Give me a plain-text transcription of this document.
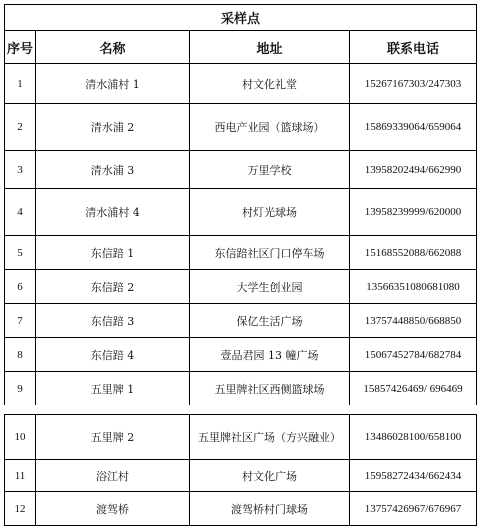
采样点			
序号	名称	地址	联系电话
1	清水浦村 1	村文化礼堂	15267167303/247303
2	清水浦 2	西电产业园（篮球场）	15869339064/659064
3	清水浦 3	万里学校	13958202494/662990
4	清水浦村 4	村灯光球场	13958239999/620000
5	东信踣 1	东信踣社区门口停车场	15168552088/662088
6	东信踣 2	大学生创业园	13566351080681080
7	东信踣 3	保亿生活广场	13757448850/668850
8	东信踣 4	壹品君园 13 幢广场	15067452784/682784
9	五里牌 1	五里牌社区西侧篮球场	15857426469/ 696469
10	五里牌 2	五里牌社区广场（方兴融业）	13486028100/658100
11	浴江村	村文化广场	15958272434/662434
12	渡驾桥	渡驾桥村门球场	13757426967/676967
